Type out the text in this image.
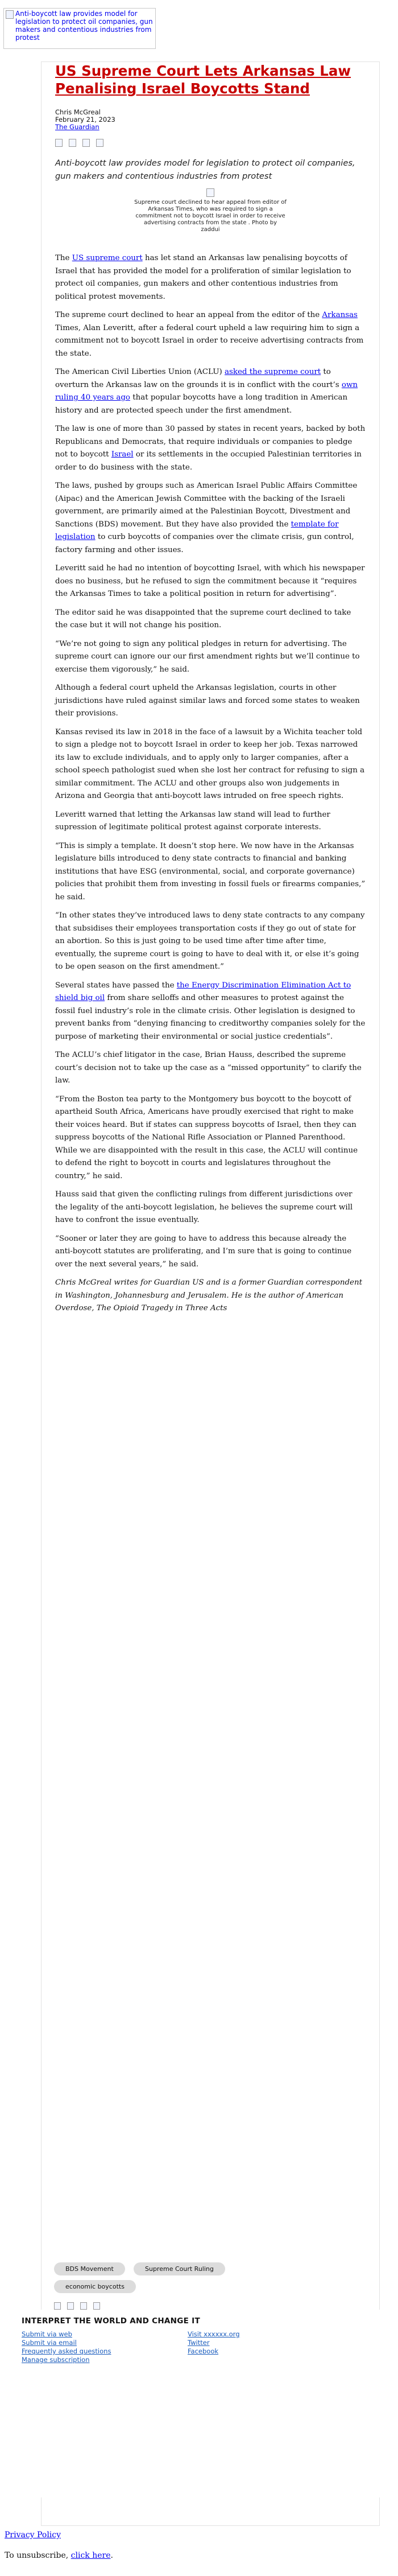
Anti-boycott law provides model for legislation to protect oil companies, gun makers and contentious industries from protest
US Supreme Court Lets Arkansas Law Penalising Israel Boycotts Stand
Chris McGreal
February 21, 2023
The Guardian
Anti-boycott law provides model for legislation to protect oil companies, gun makers and contentious industries from protest
Supreme court declined to hear appeal from editor of Arkansas Times, who was required to sign a commitment not to boycott Israel in order to receive advertising contracts from the state . Photo by zaddui

The US supreme court has let stand an Arkansas law penalising boycotts of Israel that has provided the model for a proliferation of similar legislation to protect oil companies, gun makers and other contentious industries from political protest movements.

The supreme court declined to hear an appeal from the editor of the Arkansas Times, Alan Leveritt, after a federal court upheld a law requiring him to sign a commitment not to boycott Israel in order to receive advertising contracts from the state.

The American Civil Liberties Union (ACLU) asked the supreme court to overturn the Arkansas law on the grounds it is in conflict with the court’s own ruling 40 years ago that popular boycotts have a long tradition in American history and are protected speech under the first amendment.

The law is one of more than 30 passed by states in recent years, backed by both Republicans and Democrats, that require individuals or companies to pledge not to boycott Israel or its settlements in the occupied Palestinian territories in order to do business with the state.

The laws, pushed by groups such as American Israel Public Affairs Committee (Aipac) and the American Jewish Committee with the backing of the Israeli government, are primarily aimed at the Palestinian Boycott, Divestment and Sanctions (BDS) movement. But they have also provided the template for legislation to curb boycotts of companies over the climate crisis, gun control, factory farming and other issues.

Leveritt said he had no intention of boycotting Israel, with which his newspaper does no business, but he refused to sign the commitment because it “requires the Arkansas Times to take a political position in return for advertising”.

The editor said he was disappointed that the supreme court declined to take the case but it will not change his position.

“We’re not going to sign any political pledges in return for advertising. The supreme court can ignore our our first amendment rights but we’ll continue to exercise them vigorously,” he said.

Although a federal court upheld the Arkansas legislation, courts in other jurisdictions have ruled against similar laws and forced some states to weaken their provisions.

Kansas revised its law in 2018 in the face of a lawsuit by a Wichita teacher told to sign a pledge not to boycott Israel in order to keep her job. Texas narrowed its law to exclude individuals, and to apply only to larger companies, after a school speech pathologist sued when she lost her contract for refusing to sign a similar commitment. The ACLU and other groups also won judgements in Arizona and Georgia that anti-boycott laws intruded on free speech rights.

Leveritt warned that letting the Arkansas law stand will lead to further supression of legitimate political protest against corporate interests.

“This is simply a template. It doesn’t stop here. We now have in the Arkansas legislature bills introduced to deny state contracts to financial and banking institutions that have ESG (environmental, social, and corporate governance) policies that prohibit them from investing in fossil fuels or firearms companies,” he said.

“In other states they’ve introduced laws to deny state contracts to any company that subsidises their employees transportation costs if they go out of state for an abortion. So this is just going to be used time after time after time, eventually, the supreme court is going to have to deal with it, or else it’s going to be open season on the first amendment.”

Several states have passed the the Energy Discrimination Elimination Act to shield big oil from share selloffs and other measures to protest against the fossil fuel industry’s role in the climate crisis. Other legislation is designed to prevent banks from “denying financing to creditworthy companies solely for the purpose of marketing their environmental or social justice credentials”.

The ACLU’s chief litigator in the case, Brian Hauss, described the supreme court’s decision not to take up the case as a “missed opportunity” to clarify the law.

“From the Boston tea party to the Montgomery bus boycott to the boycott of apartheid South Africa, Americans have proudly exercised that right to make their voices heard. But if states can suppress boycotts of Israel, then they can suppress boycotts of the National Rifle Association or Planned Parenthood. While we are disappointed with the result in this case, the ACLU will continue to defend the right to boycott in courts and legislatures throughout the country,” he said.

Hauss said that given the conflicting rulings from different jurisdictions over the legality of the anti-boycott legislation, he believes the supreme court will have to confront the issue eventually.

“Sooner or later they are going to have to address this because already the anti-boycott statutes are proliferating, and I’m sure that is going to continue over the next several years,” he said.

Chris McGreal writes for Guardian US and is a former Guardian correspondent in Washington, Johannesburg and Jerusalem. He is the author of American Overdose, The Opioid Tragedy in Three Acts

BDS Movement	Supreme Court Ruling
economic boycotts
INTERPRET THE WORLD AND CHANGE IT
Submit via web
Submit via email
Frequently asked questions
Manage subscription
Visit xxxxxx.org
Twitter
Facebook
Privacy Policy
To unsubscribe, click here.
